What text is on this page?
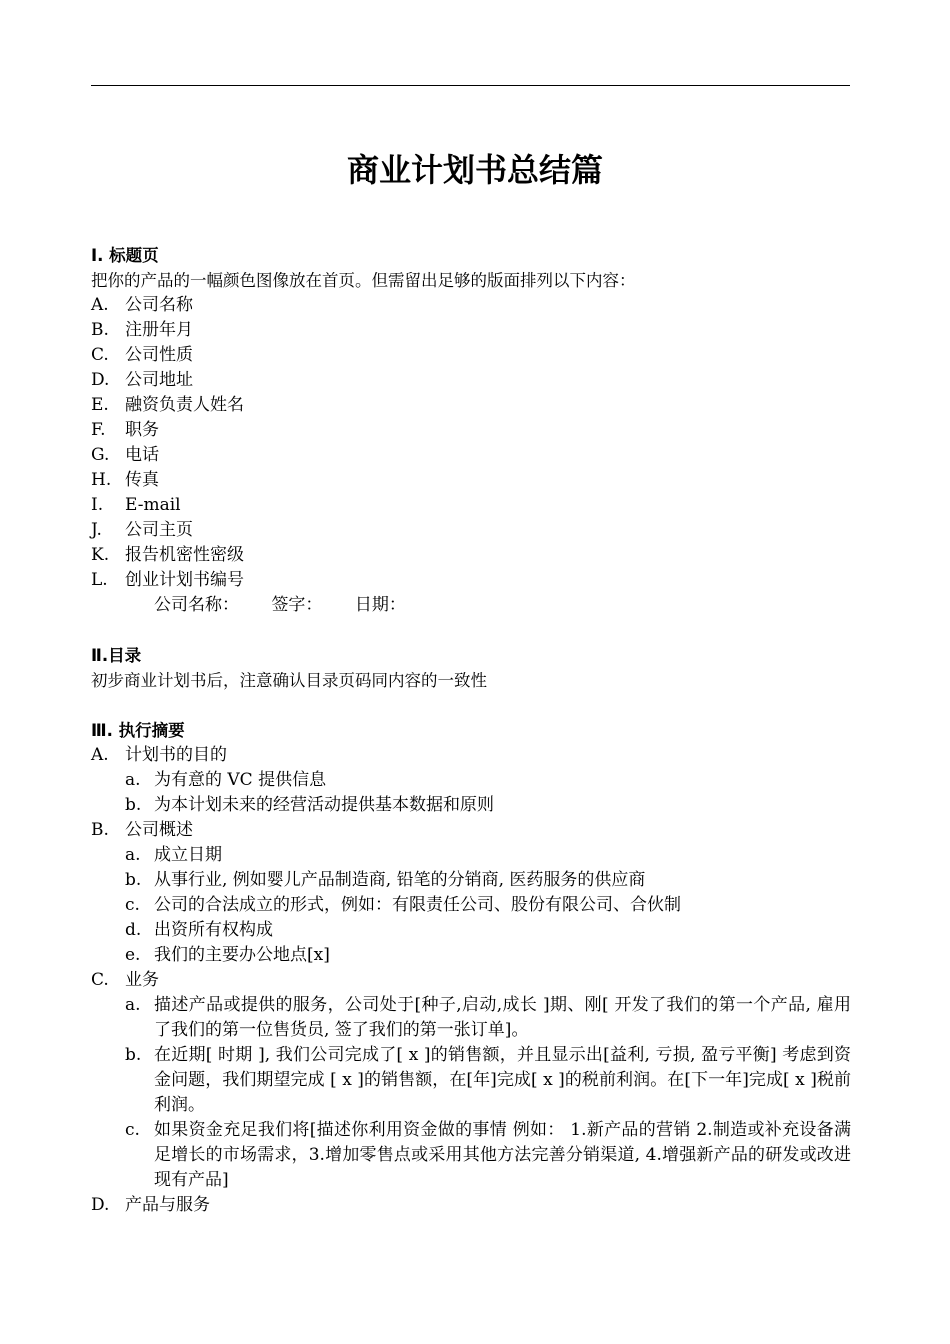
商业计划书总结篇
Ⅰ. 标题页
把你的产品的一幅颜色图像放在首页。但需留出足够的版面排列以下内容：
A. 公司名称
B. 注册年月
C. 公司性质
D. 公司地址
E. 融资负责人姓名
F.	职务
G. 电话
H. 传真
I.	E-mail
J.	公司主页
K. 报告机密性密级
L.	创业计划书编号
公司名称： 签字： 日期：
Ⅱ.目录
初步商业计划书后，注意确认目录页码同内容的一致性
Ⅲ. 执行摘要
A. 计划书的目的
a. 为有意的 VC 提供信息
b. 为本计划未来的经营活动提供基本数据和原则
B. 公司概述
a. 成立日期
b. 从事行业, 例如婴儿产品制造商, 铅笔的分销商, 医药服务的供应商
c. 公司的合法成立的形式，例如：有限责任公司、股份有限公司、合伙制
d. 出资所有权构成
e. 我们的主要办公地点[x]
C. 业务
a. 描述产品或提供的服务，公司处于[种子,启动,成长 ]期、刚[ 开发了我们的第一个产品, 雇用了我们的第一位售货员, 签了我们的第一张订单]。
b. 在近期[ 时期 ], 我们公司完成了[ x ]的销售额，并且显示出[益利, 亏损, 盈亏平衡] 考虑到资金问题，我们期望完成 [ x ]的销售额，在[年]完成[ x ]的税前利润。在[下一年]完成[ x ]税前利润。
c. 如果资金充足我们将[描述你利用资金做的事情 例如： 1.新产品的营销 2.制造或补充设备满足增长的市场需求，3.增加零售点或采用其他方法完善分销渠道, 4.增强新产品的研发或改进现有产品]
D. 产品与服务
